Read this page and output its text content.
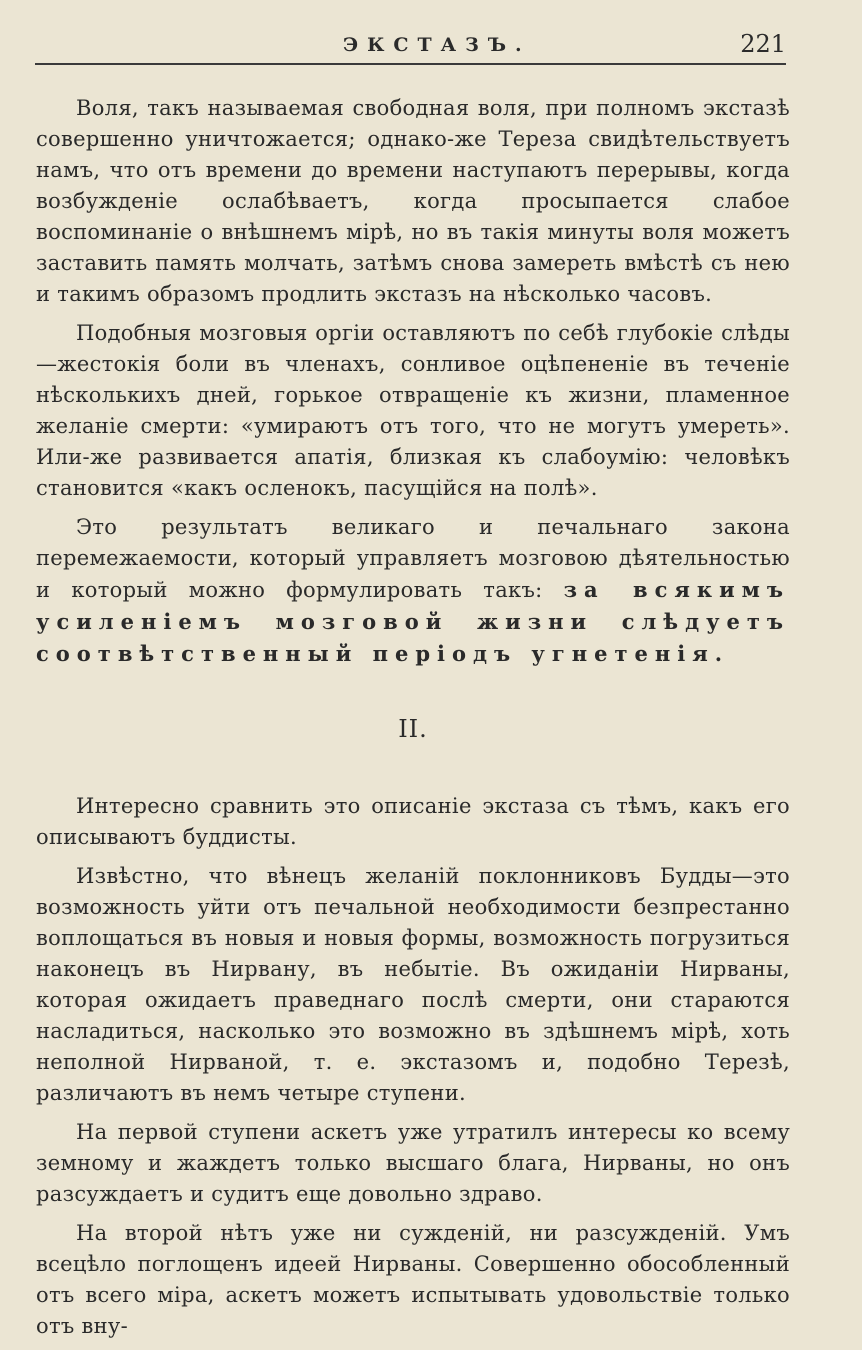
ЭКСТАЗЪ.	221

Воля, такъ называемая свободная воля, при полномъ экстазѣ совершенно уничтожается; однако-же Тереза свидѣтельствуетъ намъ, что отъ времени до времени наступаютъ перерывы, когда возбужденіе ослабѣваетъ, когда просыпается слабое воспоминаніе о внѣшнемъ мірѣ, но въ такія минуты воля можетъ заставить память молчать, затѣмъ снова замереть вмѣстѣ съ нею и такимъ образомъ продлить экстазъ на нѣсколько часовъ.

Подобныя мозговыя оргіи оставляютъ по себѣ глубокіе слѣды—жестокія боли въ членахъ, сонливое оцѣпененіе въ теченіе нѣсколькихъ дней, горькое отвращеніе къ жизни, пламенное желаніе смерти: «умираютъ отъ того, что не могутъ умереть». Или-же развивается апатія, близкая къ слабоумію: человѣкъ становится «какъ осленокъ, пасущійся на полѣ».

Это результатъ великаго и печальнаго закона перемежаемости, который управляетъ мозговою дѣятельностью и который можно формулировать такъ: за всякимъ усиленіемъ мозговой жизни слѣдуетъ соотвѣтственный періодъ угнетенія.

II.

Интересно сравнить это описаніе экстаза съ тѣмъ, какъ его описываютъ буддисты.

Извѣстно, что вѣнецъ желаній поклонниковъ Будды—это возможность уйти отъ печальной необходимости безпрестанно воплощаться въ новыя и новыя формы, возможность погрузиться наконецъ въ Нирвану, въ небытіе. Въ ожиданіи Нирваны, которая ожидаетъ праведнаго послѣ смерти, они стараются насладиться, насколько это возможно въ здѣшнемъ мірѣ, хоть неполной Нирваной, т. е. экстазомъ и, подобно Терезѣ, различаютъ въ немъ четыре ступени.

На первой ступени аскетъ уже утратилъ интересы ко всему земному и жаждетъ только высшаго блага, Нирваны, но онъ разсуждаетъ и судитъ еще довольно здраво.

На второй нѣтъ уже ни сужденій, ни разсужденій. Умъ всецѣло поглощенъ идеей Нирваны. Совершенно обособленный отъ всего міра, аскетъ можетъ испытывать удовольствіе только отъ вну-
